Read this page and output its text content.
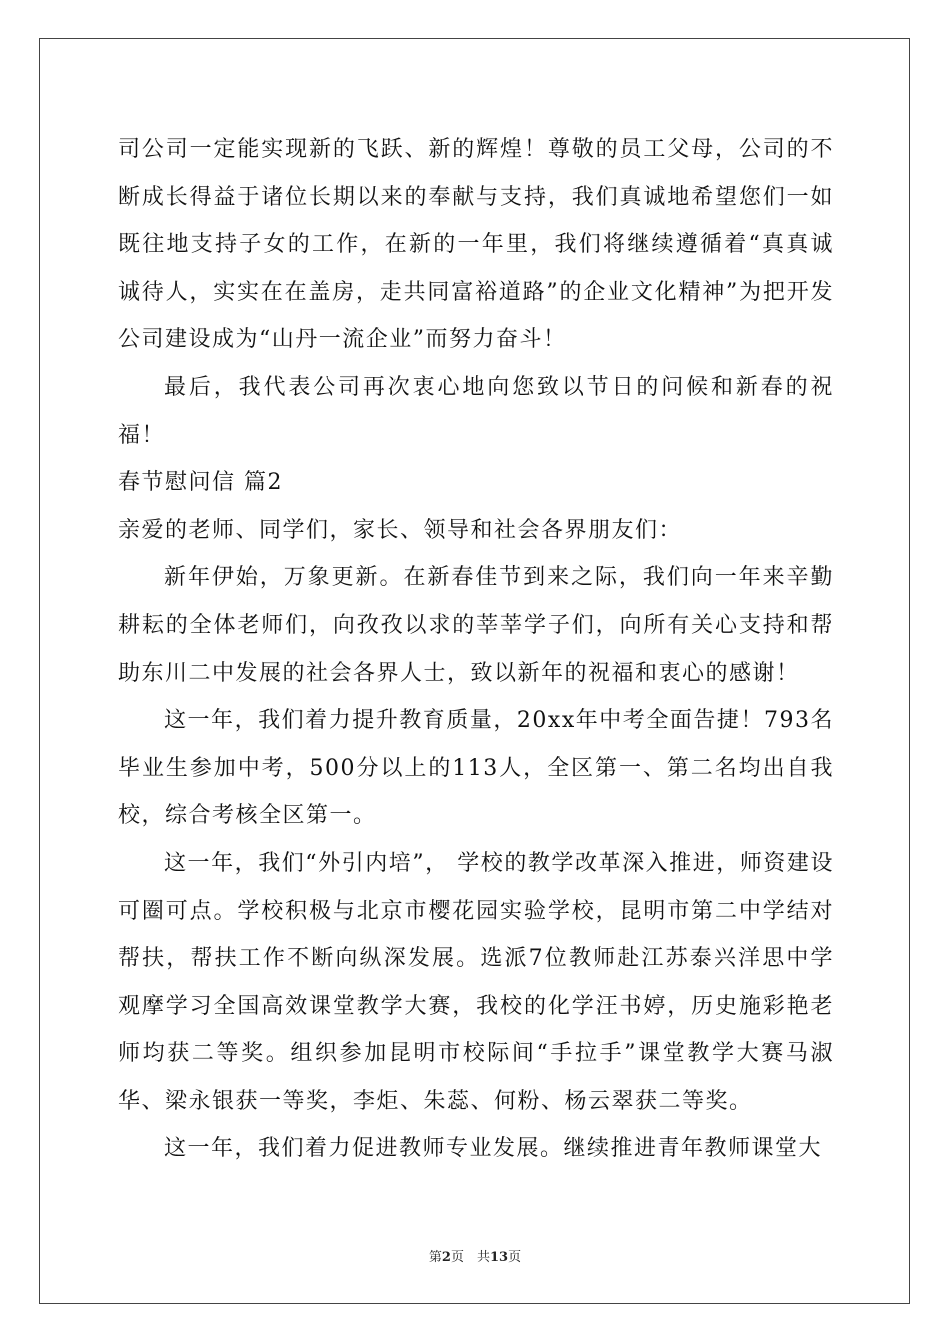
司公司一定能实现新的飞跃、新的辉煌！尊敬的员工父母，公司的不断成长得益于诸位长期以来的奉献与支持，我们真诚地希望您们一如既往地支持子女的工作，在新的一年里，我们将继续遵循着“真真诚诚待人，实实在在盖房，走共同富裕道路”的企业文化精神”为把开发公司建设成为“山丹一流企业”而努力奋斗！

最后，我代表公司再次衷心地向您致以节日的问候和新春的祝福！

春节慰问信 篇2

亲爱的老师、同学们，家长、领导和社会各界朋友们：

新年伊始，万象更新。在新春佳节到来之际，我们向一年来辛勤耕耘的全体老师们，向孜孜以求的莘莘学子们，向所有关心支持和帮助东川二中发展的社会各界人士，致以新年的祝福和衷心的感谢！

这一年，我们着力提升教育质量，20xx年中考全面告捷！793名毕业生参加中考，500分以上的113人，全区第一、第二名均出自我校，综合考核全区第一。

这一年，我们“外引内培”， 学校的教学改革深入推进，师资建设可圈可点。学校积极与北京市樱花园实验学校，昆明市第二中学结对帮扶，帮扶工作不断向纵深发展。选派7位教师赴江苏泰兴洋思中学观摩学习全国高效课堂教学大赛，我校的化学汪书婷，历史施彩艳老师均获二等奖。组织参加昆明市校际间“手拉手”课堂教学大赛马淑华、梁永银获一等奖，李炬、朱蕊、何粉、杨云翠获二等奖。

这一年，我们着力促进教师专业发展。继续推进青年教师课堂大

第2页　共13页
